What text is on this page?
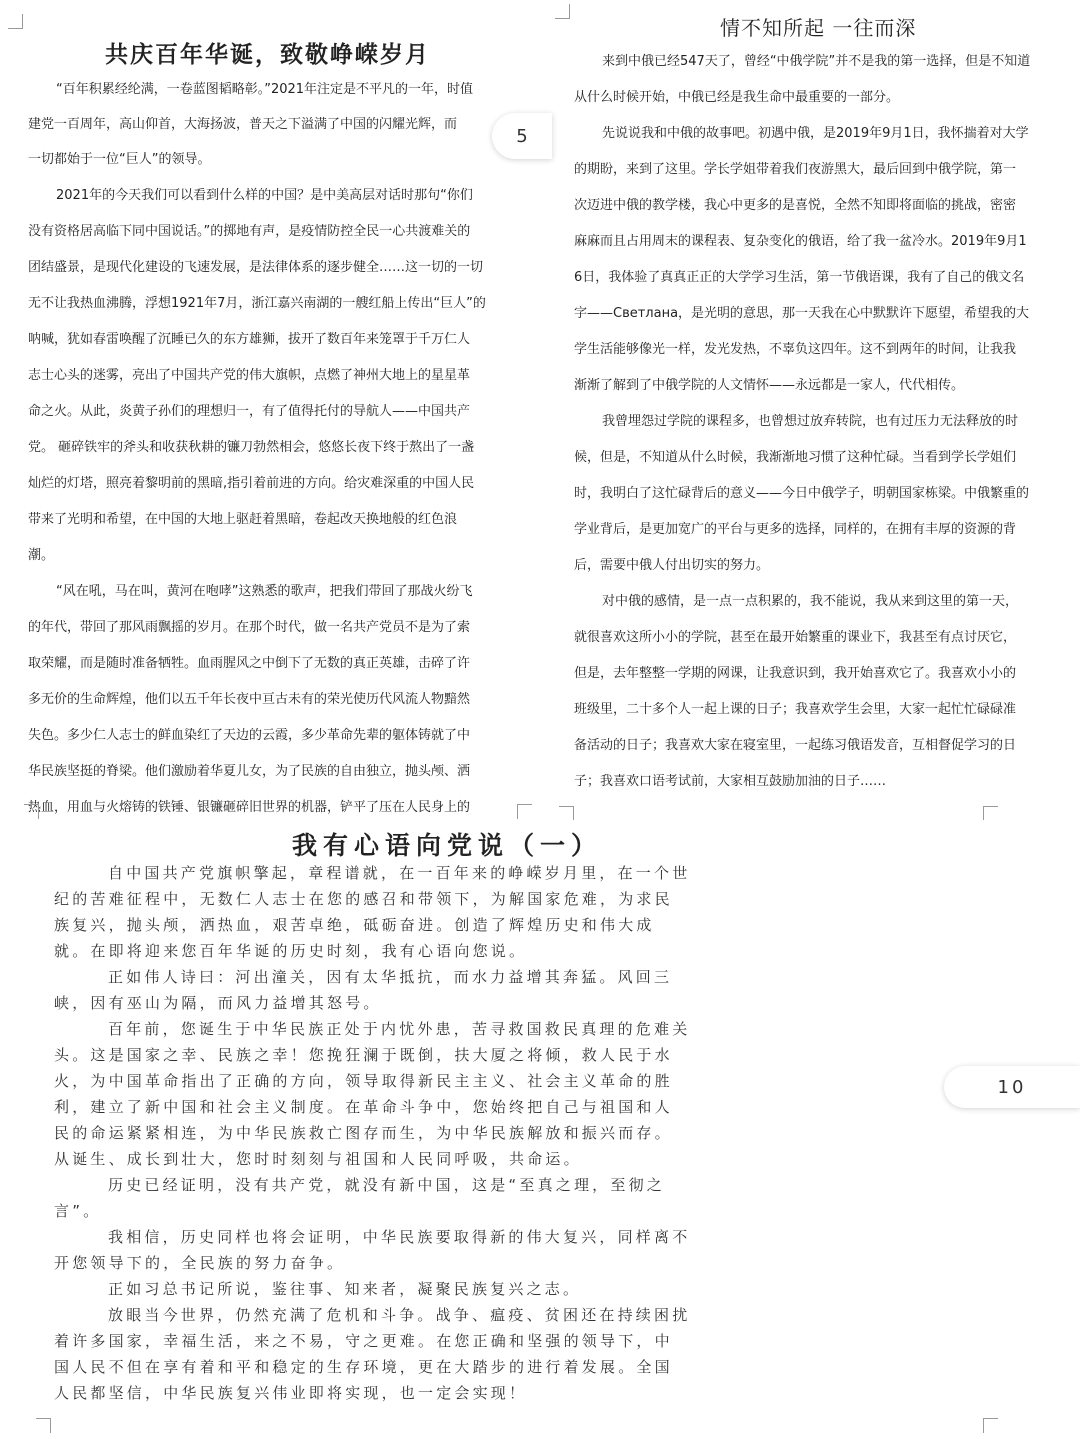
共庆百年华诞，致敬峥嵘岁月
“百年积累经纶满，一卷蓝图韬略彰。”2021年注定是不平凡的一年，时值
建党一百周年，高山仰首，大海扬波，普天之下溢满了中国的闪耀光辉，而
一切都始于一位“巨人”的领导。
2021年的今天我们可以看到什么样的中国？是中美高层对话时那句“你们
没有资格居高临下同中国说话。”的掷地有声，是疫情防控全民一心共渡难关的
团结盛景，是现代化建设的飞速发展，是法律体系的逐步健全……这一切的一切
无不让我热血沸腾，浮想1921年7月，浙江嘉兴南湖的一艘红船上传出“巨人”的
呐喊，犹如春雷唤醒了沉睡已久的东方雄狮，拔开了数百年来笼罩于千万仁人
志士心头的迷雾，亮出了中国共产党的伟大旗帜，点燃了神州大地上的星星革
命之火。从此，炎黄子孙们的理想归一，有了值得托付的导航人——中国共产
党。 砸碎铁牢的斧头和收获秋耕的镰刀勃然相会，悠悠长夜下终于熬出了一盏
灿烂的灯塔，照亮着黎明前的黑暗,指引着前进的方向。给灾难深重的中国人民
带来了光明和希望，在中国的大地上驱赶着黑暗，卷起改天换地般的红色浪
潮。
“风在吼，马在叫，黄河在咆哮”这熟悉的歌声，把我们带回了那战火纷飞
的年代，带回了那风雨飘摇的岁月。在那个时代，做一名共产党员不是为了索
取荣耀，而是随时准备牺牲。血雨腥风之中倒下了无数的真正英雄，击碎了许
多无价的生命辉煌，他们以五千年长夜中亘古未有的荣光使历代风流人物黯然
失色。多少仁人志士的鲜血染红了天边的云霞，多少革命先辈的躯体铸就了中
华民族坚挺的脊梁。他们激励着华夏儿女，为了民族的自由独立，抛头颅、洒
热血，用血与火熔铸的铁锤、银镰砸碎旧世界的机器，铲平了压在人民身上的
情不知所起 一往而深
来到中俄已经547天了，曾经“中俄学院”并不是我的第一选择，但是不知道
从什么时候开始，中俄已经是我生命中最重要的一部分。
先说说我和中俄的故事吧。初遇中俄，是2019年9月1日，我怀揣着对大学
的期盼，来到了这里。学长学姐带着我们夜游黑大，最后回到中俄学院，第一
次迈进中俄的教学楼，我心中更多的是喜悦，全然不知即将面临的挑战，密密
麻麻而且占用周末的课程表、复杂变化的俄语，给了我一盆冷水。2019年9月1
6日，我体验了真真正正的大学学习生活，第一节俄语课，我有了自己的俄文名
字——Светлана，是光明的意思，那一天我在心中默默许下愿望，希望我的大
学生活能够像光一样，发光发热，不辜负这四年。这不到两年的时间，让我我
渐渐了解到了中俄学院的人文情怀——永远都是一家人，代代相传。
我曾埋怨过学院的课程多，也曾想过放弃转院，也有过压力无法释放的时
候，但是，不知道从什么时候，我渐渐地习惯了这种忙碌。当看到学长学姐们
时，我明白了这忙碌背后的意义——今日中俄学子，明朝国家栋梁。中俄繁重的
学业背后，是更加宽广的平台与更多的选择，同样的，在拥有丰厚的资源的背
后，需要中俄人付出切实的努力。
对中俄的感情，是一点一点积累的，我不能说，我从来到这里的第一天，
就很喜欢这所小小的学院，甚至在最开始繁重的课业下，我甚至有点讨厌它，
但是，去年整整一学期的网课，让我意识到，我开始喜欢它了。我喜欢小小的
班级里，二十多个人一起上课的日子；我喜欢学生会里，大家一起忙忙碌碌准
备活动的日子；我喜欢大家在寝室里，一起练习俄语发音，互相督促学习的日
子；我喜欢口语考试前，大家相互鼓励加油的日子……
我有心语向党说（一）
自中国共产党旗帜擎起，章程谱就，在一百年来的峥嵘岁月里，在一个世
纪的苦难征程中，无数仁人志士在您的感召和带领下，为解国家危难，为求民
族复兴，抛头颅，洒热血，艰苦卓绝，砥砺奋进。创造了辉煌历史和伟大成
就。在即将迎来您百年华诞的历史时刻，我有心语向您说。
正如伟人诗曰：河出潼关，因有太华抵抗，而水力益增其奔猛。风回三
峡，因有巫山为隔，而风力益增其怒号。
百年前，您诞生于中华民族正处于内忧外患，苦寻救国救民真理的危难关
头。这是国家之幸、民族之幸！您挽狂澜于既倒，扶大厦之将倾，救人民于水
火，为中国革命指出了正确的方向，领导取得新民主主义、社会主义革命的胜
利，建立了新中国和社会主义制度。在革命斗争中，您始终把自己与祖国和人
民的命运紧紧相连，为中华民族救亡图存而生，为中华民族解放和振兴而存。
从诞生、成长到壮大，您时时刻刻与祖国和人民同呼吸，共命运。
历史已经证明，没有共产党，就没有新中国，这是“至真之理，至彻之
言”。
我相信，历史同样也将会证明，中华民族要取得新的伟大复兴，同样离不
开您领导下的，全民族的努力奋争。
正如习总书记所说，鉴往事、知来者，凝聚民族复兴之志。
放眼当今世界，仍然充满了危机和斗争。战争、瘟疫、贫困还在持续困扰
着许多国家，幸福生活，来之不易，守之更难。在您正确和坚强的领导下，中
国人民不但在享有着和平和稳定的生存环境，更在大踏步的进行着发展。全国
人民都坚信，中华民族复兴伟业即将实现，也一定会实现！
5
10
